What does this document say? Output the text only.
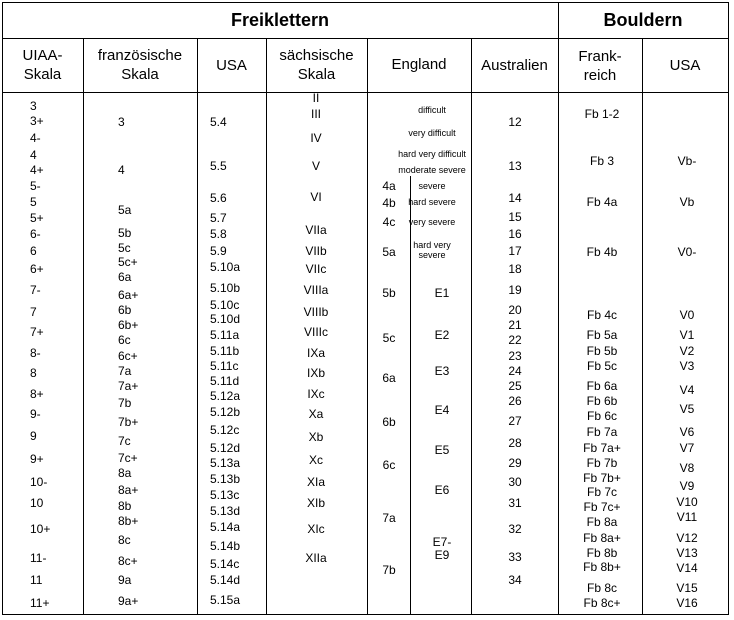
Freiklettern	Bouldern
UIAA-
Skala
französische
Skala
USA
sächsische
Skala
England	Australien
Frank-
reich
USA
3
3+
4-
4
4+
5-
5
5+
6-
6
6+
7-
7
7+
8-
8
8+
9-
9
9+
10-
10
10+
11-
11
11+
3
4
5a
5b
5c
5c+
6a
6a+
6b
6b+
6c
6c+
7a
7a+
7b
7b+
7c
7c+
8a
8a+
8b
8b+
8c
8c+
9a
9a+
5.4
5.5
5.6
5.7
5.8
5.9
5.10a
5.10b
5.10c
5.10d
5.11a
5.11b
5.11c
5.11d
5.12a
5.12b
5.12c
5.12d
5.13a
5.13b
5.13c
5.13d
5.14a
5.14b
5.14c
5.14d
5.15a
II
III
IV
V
VI
VIIa
VIIb
VIIc
VIIIa
VIIIb
VIIIc
IXa
IXb
IXc
Xa
Xb
Xc
XIa
XIb
XIc
XIIa
difficult
very difficult
hard very difficult
moderate severe
severe
hard severe
very severe
hard very
severe
4a
4b
4c
5a
5b
5c
6a
6b
6c
7a
7b
E1
E2
E3
E4
E5
E6
E7-
E9
12
13
14
15
16
17
18
19
20
21
22
23
24
25
26
27
28
29
30
31
32
33
34
Fb 1-2
Fb 3
Fb 4a
Fb 4b
Fb 4c
Fb 5a
Fb 5b
Fb 5c
Fb 6a
Fb 6b
Fb 6c
Fb 7a
Fb 7a+
Fb 7b
Fb 7b+
Fb 7c
Fb 7c+
Fb 8a
Fb 8a+
Fb 8b
Fb 8b+
Fb 8c
Fb 8c+
Vb-
Vb
V0-
V0
V1
V2
V3
V4
V5
V6
V7
V8
V9
V10
V11
V12
V13
V14
V15
V16
